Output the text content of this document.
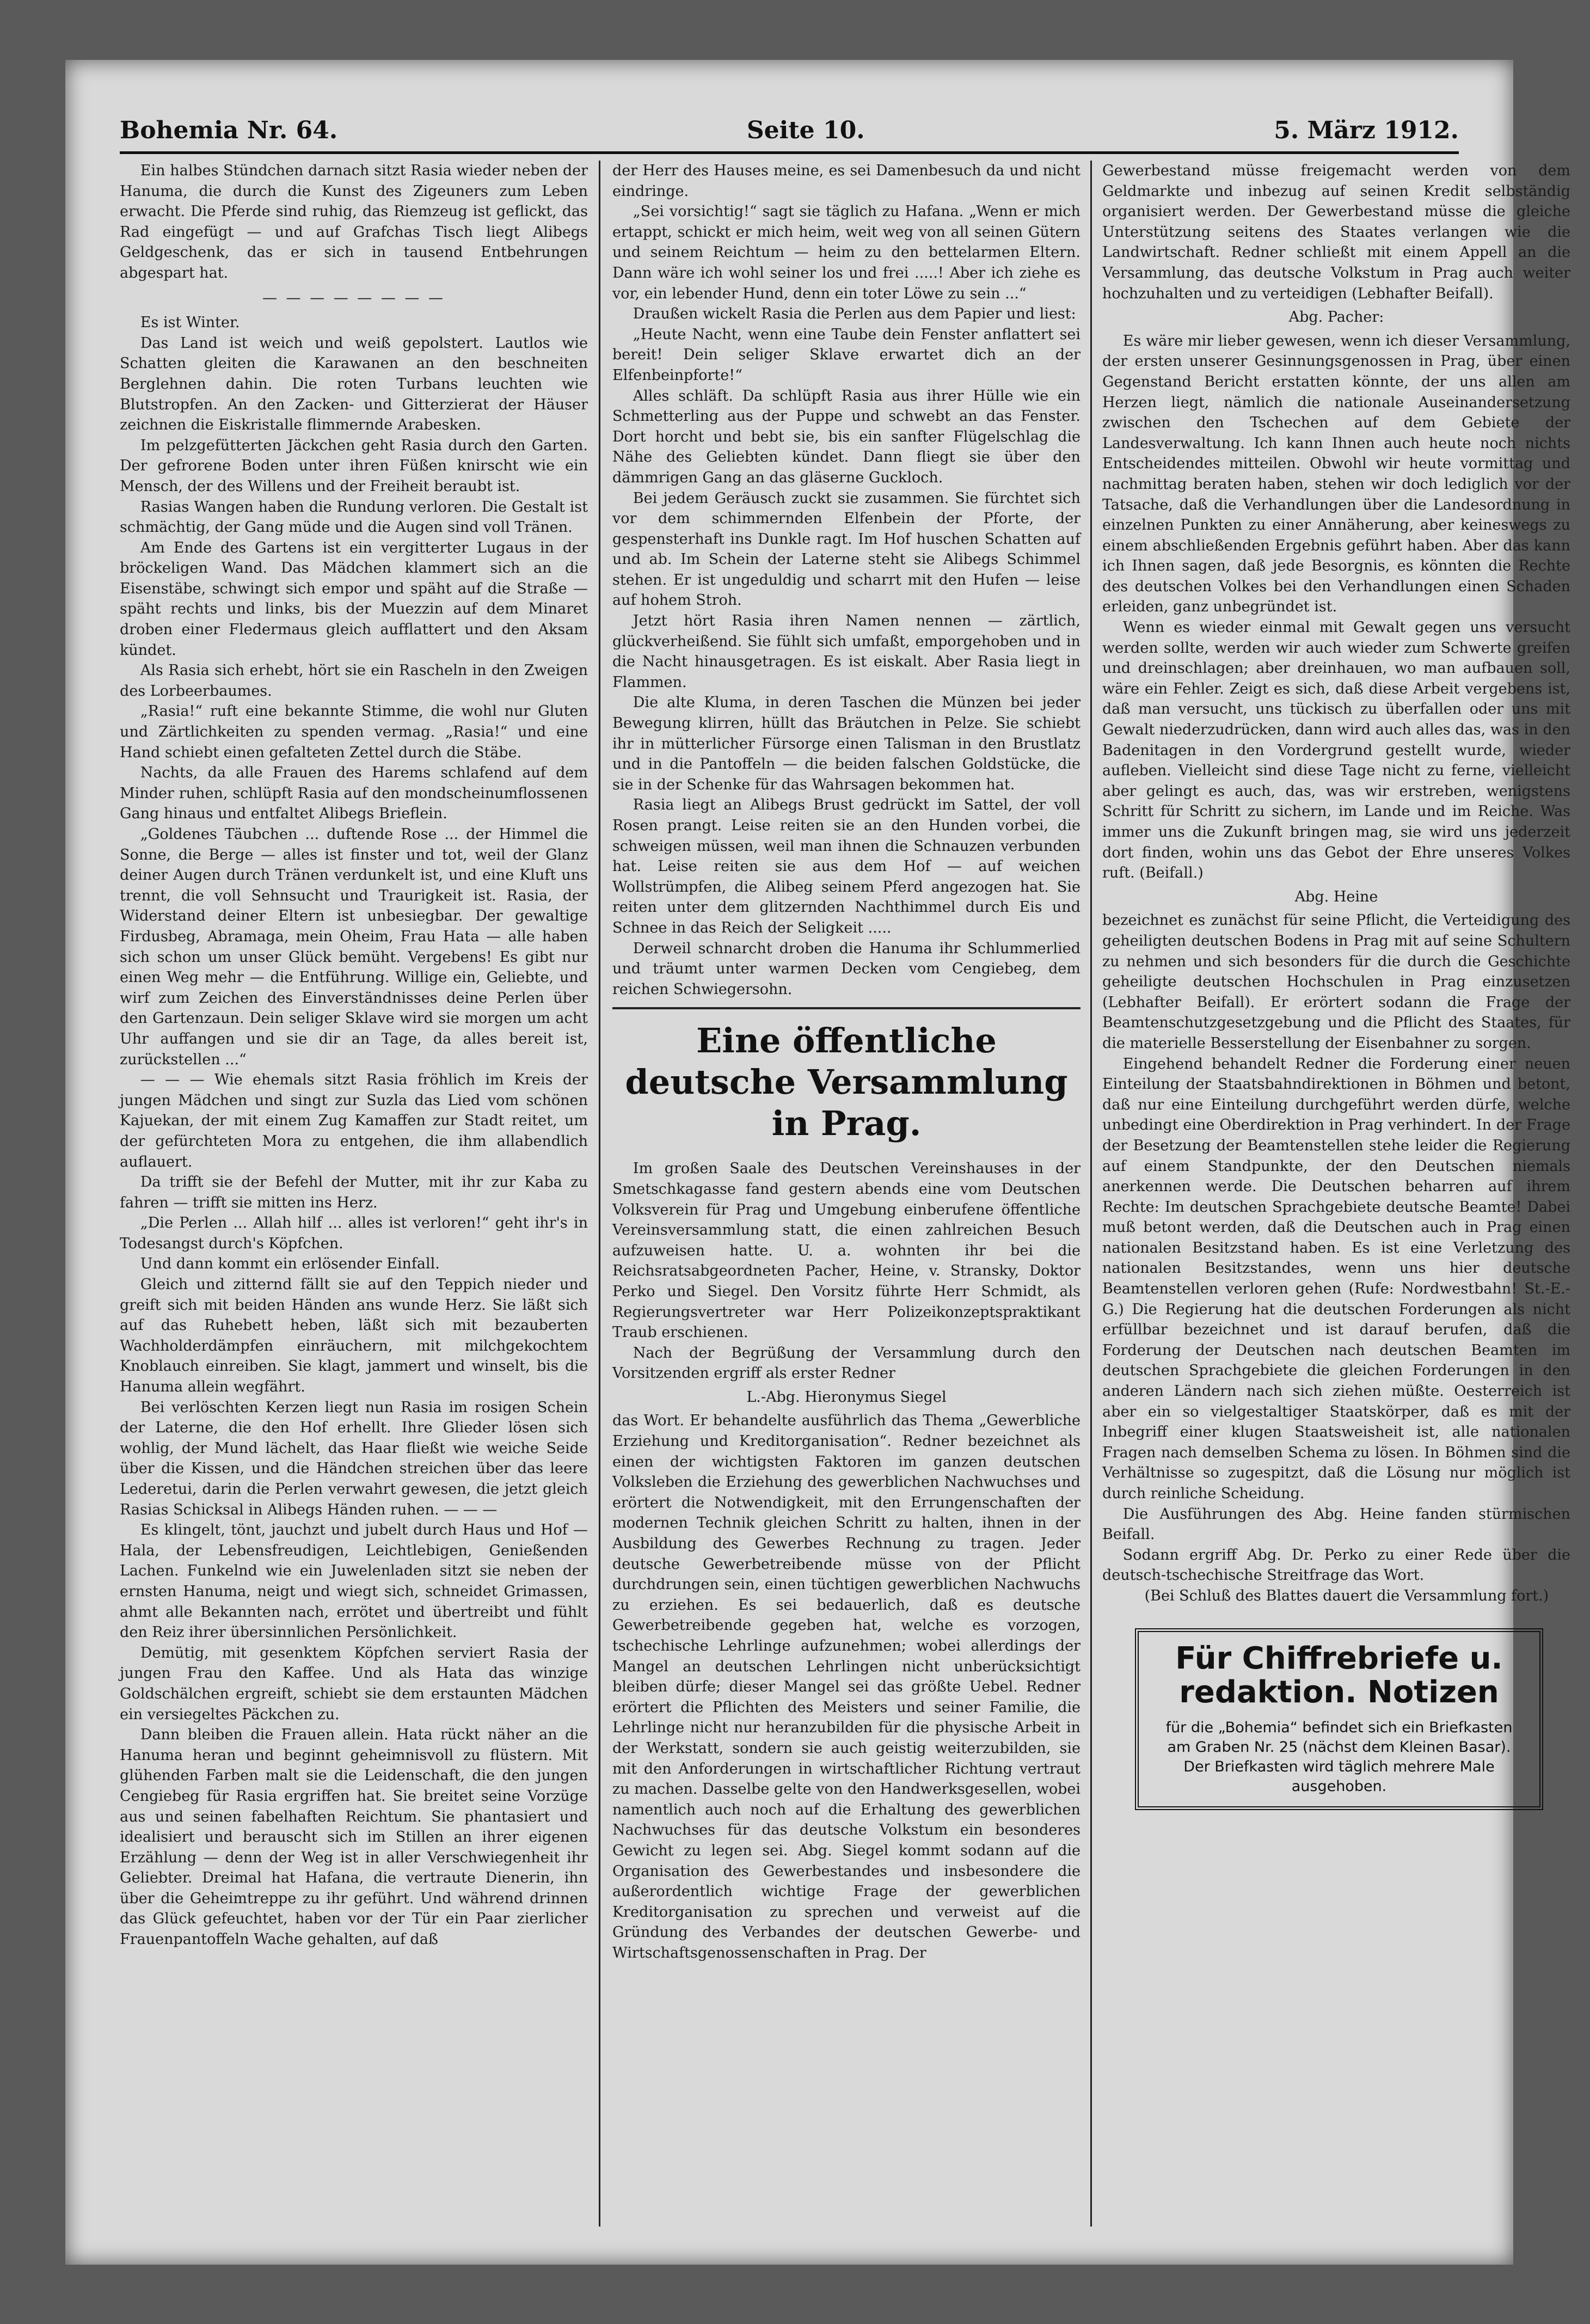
Bohemia Nr. 64.	Seite 10.	5. März 1912.

Ein halbes Stündchen darnach sitzt Rasia wieder neben der Hanuma, die durch die Kunst des Zigeuners zum Leben erwacht. Die Pferde sind ruhig, das Riemzeug ist geflickt, das Rad eingefügt — und auf Grafchas Tisch liegt Alibegs Geldgeschenk, das er sich in tausend Entbehrungen abgespart hat.

— — — — — — — —

Es ist Winter.

Das Land ist weich und weiß gepolstert. Lautlos wie Schatten gleiten die Karawanen an den beschneiten Berglehnen dahin. Die roten Turbans leuchten wie Blutstropfen. An den Zacken- und Gitterzierat der Häuser zeichnen die Eiskristalle flimmernde Arabesken.

Im pelzgefütterten Jäckchen geht Rasia durch den Garten. Der gefrorene Boden unter ihren Füßen knirscht wie ein Mensch, der des Willens und der Freiheit beraubt ist.

Rasias Wangen haben die Rundung verloren. Die Gestalt ist schmächtig, der Gang müde und die Augen sind voll Tränen.

Am Ende des Gartens ist ein vergitterter Lugaus in der bröckeligen Wand. Das Mädchen klammert sich an die Eisenstäbe, schwingt sich empor und späht auf die Straße — späht rechts und links, bis der Muezzin auf dem Minaret droben einer Fledermaus gleich aufflattert und den Aksam kündet.

Als Rasia sich erhebt, hört sie ein Rascheln in den Zweigen des Lorbeerbaumes.

„Rasia!“ ruft eine bekannte Stimme, die wohl nur Gluten und Zärtlichkeiten zu spenden vermag. „Rasia!“ und eine Hand schiebt einen gefalteten Zettel durch die Stäbe.

Nachts, da alle Frauen des Harems schlafend auf dem Minder ruhen, schlüpft Rasia auf den mondscheinumflossenen Gang hinaus und entfaltet Alibegs Brieflein.

„Goldenes Täubchen ... duftende Rose ... der Himmel die Sonne, die Berge — alles ist finster und tot, weil der Glanz deiner Augen durch Tränen verdunkelt ist, und eine Kluft uns trennt, die voll Sehnsucht und Traurigkeit ist. Rasia, der Widerstand deiner Eltern ist unbesiegbar. Der gewaltige Firdusbeg, Abramaga, mein Oheim, Frau Hata — alle haben sich schon um unser Glück bemüht. Vergebens! Es gibt nur einen Weg mehr — die Entführung. Willige ein, Geliebte, und wirf zum Zeichen des Einverständnisses deine Perlen über den Gartenzaun. Dein seliger Sklave wird sie morgen um acht Uhr auffangen und sie dir an Tage, da alles bereit ist, zurückstellen ...“

— — — Wie ehemals sitzt Rasia fröhlich im Kreis der jungen Mädchen und singt zur Suzla das Lied vom schönen Kajuekan, der mit einem Zug Kamaffen zur Stadt reitet, um der gefürchteten Mora zu entgehen, die ihm allabendlich auflauert.

Da trifft sie der Befehl der Mutter, mit ihr zur Kaba zu fahren — trifft sie mitten ins Herz.

„Die Perlen ... Allah hilf ... alles ist verloren!“ geht ihr's in Todesangst durch's Köpfchen.

Und dann kommt ein erlösender Einfall.

Gleich und zitternd fällt sie auf den Teppich nieder und greift sich mit beiden Händen ans wunde Herz. Sie läßt sich auf das Ruhebett heben, läßt sich mit bezauberten Wachholderdämpfen einräuchern, mit milchgekochtem Knoblauch einreiben. Sie klagt, jammert und winselt, bis die Hanuma allein wegfährt.

Bei verlöschten Kerzen liegt nun Rasia im rosigen Schein der Laterne, die den Hof erhellt. Ihre Glieder lösen sich wohlig, der Mund lächelt, das Haar fließt wie weiche Seide über die Kissen, und die Händchen streichen über das leere Lederetui, darin die Perlen verwahrt gewesen, die jetzt gleich Rasias Schicksal in Alibegs Händen ruhen. — — —

Es klingelt, tönt, jauchzt und jubelt durch Haus und Hof — Hala, der Lebensfreudigen, Leichtlebigen, Genießenden Lachen. Funkelnd wie ein Juwelenladen sitzt sie neben der ernsten Hanuma, neigt und wiegt sich, schneidet Grimassen, ahmt alle Bekannten nach, errötet und übertreibt und fühlt den Reiz ihrer übersinnlichen Persönlichkeit.

Demütig, mit gesenktem Köpfchen serviert Rasia der jungen Frau den Kaffee. Und als Hata das winzige Goldschälchen ergreift, schiebt sie dem erstaunten Mädchen ein versiegeltes Päckchen zu.

Dann bleiben die Frauen allein. Hata rückt näher an die Hanuma heran und beginnt geheimnisvoll zu flüstern. Mit glühenden Farben malt sie die Leidenschaft, die den jungen Cengiebeg für Rasia ergriffen hat. Sie breitet seine Vorzüge aus und seinen fabelhaften Reichtum. Sie phantasiert und idealisiert und berauscht sich im Stillen an ihrer eigenen Erzählung — denn der Weg ist in aller Verschwiegenheit ihr Geliebter. Dreimal hat Hafana, die vertraute Dienerin, ihn über die Geheimtreppe zu ihr geführt. Und während drinnen das Glück gefeuchtet, haben vor der Tür ein Paar zierlicher Frauenpantoffeln Wache gehalten, auf daß

der Herr des Hauses meine, es sei Damenbesuch da und nicht eindringe.

„Sei vorsichtig!“ sagt sie täglich zu Hafana. „Wenn er mich ertappt, schickt er mich heim, weit weg von all seinen Gütern und seinem Reichtum — heim zu den bettelarmen Eltern. Dann wäre ich wohl seiner los und frei .....! Aber ich ziehe es vor, ein lebender Hund, denn ein toter Löwe zu sein ...“

Draußen wickelt Rasia die Perlen aus dem Papier und liest:

„Heute Nacht, wenn eine Taube dein Fenster anflattert sei bereit! Dein seliger Sklave erwartet dich an der Elfenbeinpforte!“

Alles schläft. Da schlüpft Rasia aus ihrer Hülle wie ein Schmetterling aus der Puppe und schwebt an das Fenster. Dort horcht und bebt sie, bis ein sanfter Flügelschlag die Nähe des Geliebten kündet. Dann fliegt sie über den dämmrigen Gang an das gläserne Guckloch.

Bei jedem Geräusch zuckt sie zusammen. Sie fürchtet sich vor dem schimmernden Elfenbein der Pforte, der gespensterhaft ins Dunkle ragt. Im Hof huschen Schatten auf und ab. Im Schein der Laterne steht sie Alibegs Schimmel stehen. Er ist ungeduldig und scharrt mit den Hufen — leise auf hohem Stroh.

Jetzt hört Rasia ihren Namen nennen — zärtlich, glückverheißend. Sie fühlt sich umfaßt, emporgehoben und in die Nacht hinausgetragen. Es ist eiskalt. Aber Rasia liegt in Flammen.

Die alte Kluma, in deren Taschen die Münzen bei jeder Bewegung klirren, hüllt das Bräutchen in Pelze. Sie schiebt ihr in mütterlicher Fürsorge einen Talisman in den Brustlatz und in die Pantoffeln — die beiden falschen Goldstücke, die sie in der Schenke für das Wahrsagen bekommen hat.

Rasia liegt an Alibegs Brust gedrückt im Sattel, der voll Rosen prangt. Leise reiten sie an den Hunden vorbei, die schweigen müssen, weil man ihnen die Schnauzen verbunden hat. Leise reiten sie aus dem Hof — auf weichen Wollstrümpfen, die Alibeg seinem Pferd angezogen hat. Sie reiten unter dem glitzernden Nachthimmel durch Eis und Schnee in das Reich der Seligkeit .....

Derweil schnarcht droben die Hanuma ihr Schlummerlied und träumt unter warmen Decken vom Cengiebeg, dem reichen Schwiegersohn.

Eine öffentliche deutsche Versammlung in Prag.

Im großen Saale des Deutschen Vereinshauses in der Smetschkagasse fand gestern abends eine vom Deutschen Volksverein für Prag und Umgebung einberufene öffentliche Vereinsversammlung statt, die einen zahlreichen Besuch aufzuweisen hatte. U. a. wohnten ihr bei die Reichsratsabgeordneten Pacher, Heine, v. Stransky, Doktor Perko und Siegel. Den Vorsitz führte Herr Schmidt, als Regierungsvertreter war Herr Polizeikonzeptspraktikant Traub erschienen.

Nach der Begrüßung der Versammlung durch den Vorsitzenden ergriff als erster Redner

L.-Abg. Hieronymus Siegel

das Wort. Er behandelte ausführlich das Thema „Gewerbliche Erziehung und Kreditorganisation“. Redner bezeichnet als einen der wichtigsten Faktoren im ganzen deutschen Volksleben die Erziehung des gewerblichen Nachwuchses und erörtert die Notwendigkeit, mit den Errungenschaften der modernen Technik gleichen Schritt zu halten, ihnen in der Ausbildung des Gewerbes Rechnung zu tragen. Jeder deutsche Gewerbetreibende müsse von der Pflicht durchdrungen sein, einen tüchtigen gewerblichen Nachwuchs zu erziehen. Es sei bedauerlich, daß es deutsche Gewerbetreibende gegeben hat, welche es vorzogen, tschechische Lehrlinge aufzunehmen; wobei allerdings der Mangel an deutschen Lehrlingen nicht unberücksichtigt bleiben dürfe; dieser Mangel sei das größte Uebel. Redner erörtert die Pflichten des Meisters und seiner Familie, die Lehrlinge nicht nur heranzubilden für die physische Arbeit in der Werkstatt, sondern sie auch geistig weiterzubilden, sie mit den Anforderungen in wirtschaftlicher Richtung vertraut zu machen. Dasselbe gelte von den Handwerksgesellen, wobei namentlich auch noch auf die Erhaltung des gewerblichen Nachwuchses für das deutsche Volkstum ein besonderes Gewicht zu legen sei. Abg. Siegel kommt sodann auf die Organisation des Gewerbestandes und insbesondere die außerordentlich wichtige Frage der gewerblichen Kreditorganisation zu sprechen und verweist auf die Gründung des Verbandes der deutschen Gewerbe- und Wirtschaftsgenossenschaften in Prag. Der

Gewerbestand müsse freigemacht werden von dem Geldmarkte und inbezug auf seinen Kredit selbständig organisiert werden. Der Gewerbestand müsse die gleiche Unterstützung seitens des Staates verlangen wie die Landwirtschaft. Redner schließt mit einem Appell an die Versammlung, das deutsche Volkstum in Prag auch weiter hochzuhalten und zu verteidigen (Lebhafter Beifall).

Abg. Pacher:

Es wäre mir lieber gewesen, wenn ich dieser Versammlung, der ersten unserer Gesinnungsgenossen in Prag, über einen Gegenstand Bericht erstatten könnte, der uns allen am Herzen liegt, nämlich die nationale Auseinandersetzung zwischen den Tschechen auf dem Gebiete der Landesverwaltung. Ich kann Ihnen auch heute noch nichts Entscheidendes mitteilen. Obwohl wir heute vormittag und nachmittag beraten haben, stehen wir doch lediglich vor der Tatsache, daß die Verhandlungen über die Landesordnung in einzelnen Punkten zu einer Annäherung, aber keineswegs zu einem abschließenden Ergebnis geführt haben. Aber das kann ich Ihnen sagen, daß jede Besorgnis, es könnten die Rechte des deutschen Volkes bei den Verhandlungen einen Schaden erleiden, ganz unbegründet ist.

Wenn es wieder einmal mit Gewalt gegen uns versucht werden sollte, werden wir auch wieder zum Schwerte greifen und dreinschlagen; aber dreinhauen, wo man aufbauen soll, wäre ein Fehler. Zeigt es sich, daß diese Arbeit vergebens ist, daß man versucht, uns tückisch zu überfallen oder uns mit Gewalt niederzudrücken, dann wird auch alles das, was in den Badenitagen in den Vordergrund gestellt wurde, wieder aufleben. Vielleicht sind diese Tage nicht zu ferne, vielleicht aber gelingt es auch, das, was wir erstreben, wenigstens Schritt für Schritt zu sichern, im Lande und im Reiche. Was immer uns die Zukunft bringen mag, sie wird uns jederzeit dort finden, wohin uns das Gebot der Ehre unseres Volkes ruft. (Beifall.)

Abg. Heine

bezeichnet es zunächst für seine Pflicht, die Verteidigung des geheiligten deutschen Bodens in Prag mit auf seine Schultern zu nehmen und sich besonders für die durch die Geschichte geheiligte deutschen Hochschulen in Prag einzusetzen (Lebhafter Beifall). Er erörtert sodann die Frage der Beamtenschutzgesetzgebung und die Pflicht des Staates, für die materielle Besserstellung der Eisenbahner zu sorgen.

Eingehend behandelt Redner die Forderung einer neuen Einteilung der Staatsbahndirektionen in Böhmen und betont, daß nur eine Einteilung durchgeführt werden dürfe, welche unbedingt eine Oberdirektion in Prag verhindert. In der Frage der Besetzung der Beamtenstellen stehe leider die Regierung auf einem Standpunkte, der den Deutschen niemals anerkennen werde. Die Deutschen beharren auf ihrem Rechte: Im deutschen Sprachgebiete deutsche Beamte! Dabei muß betont werden, daß die Deutschen auch in Prag einen nationalen Besitzstand haben. Es ist eine Verletzung des nationalen Besitzstandes, wenn uns hier deutsche Beamtenstellen verloren gehen (Rufe: Nordwestbahn! St.-E.-G.) Die Regierung hat die deutschen Forderungen als nicht erfüllbar bezeichnet und ist darauf berufen, daß die Forderung der Deutschen nach deutschen Beamten im deutschen Sprachgebiete die gleichen Forderungen in den anderen Ländern nach sich ziehen müßte. Oesterreich ist aber ein so vielgestaltiger Staatskörper, daß es mit der Inbegriff einer klugen Staatsweisheit ist, alle nationalen Fragen nach demselben Schema zu lösen. In Böhmen sind die Verhältnisse so zugespitzt, daß die Lösung nur möglich ist durch reinliche Scheidung.

Die Ausführungen des Abg. Heine fanden stürmischen Beifall.

Sodann ergriff Abg. Dr. Perko zu einer Rede über die deutsch-tschechische Streitfrage das Wort.

(Bei Schluß des Blattes dauert die Versammlung fort.)

Für Chiffrebriefe u. redaktion. Notizen
für die „Bohemia“ befindet sich ein Briefkasten am Graben Nr. 25 (nächst dem Kleinen Basar). Der Briefkasten wird täglich mehrere Male ausgehoben.
